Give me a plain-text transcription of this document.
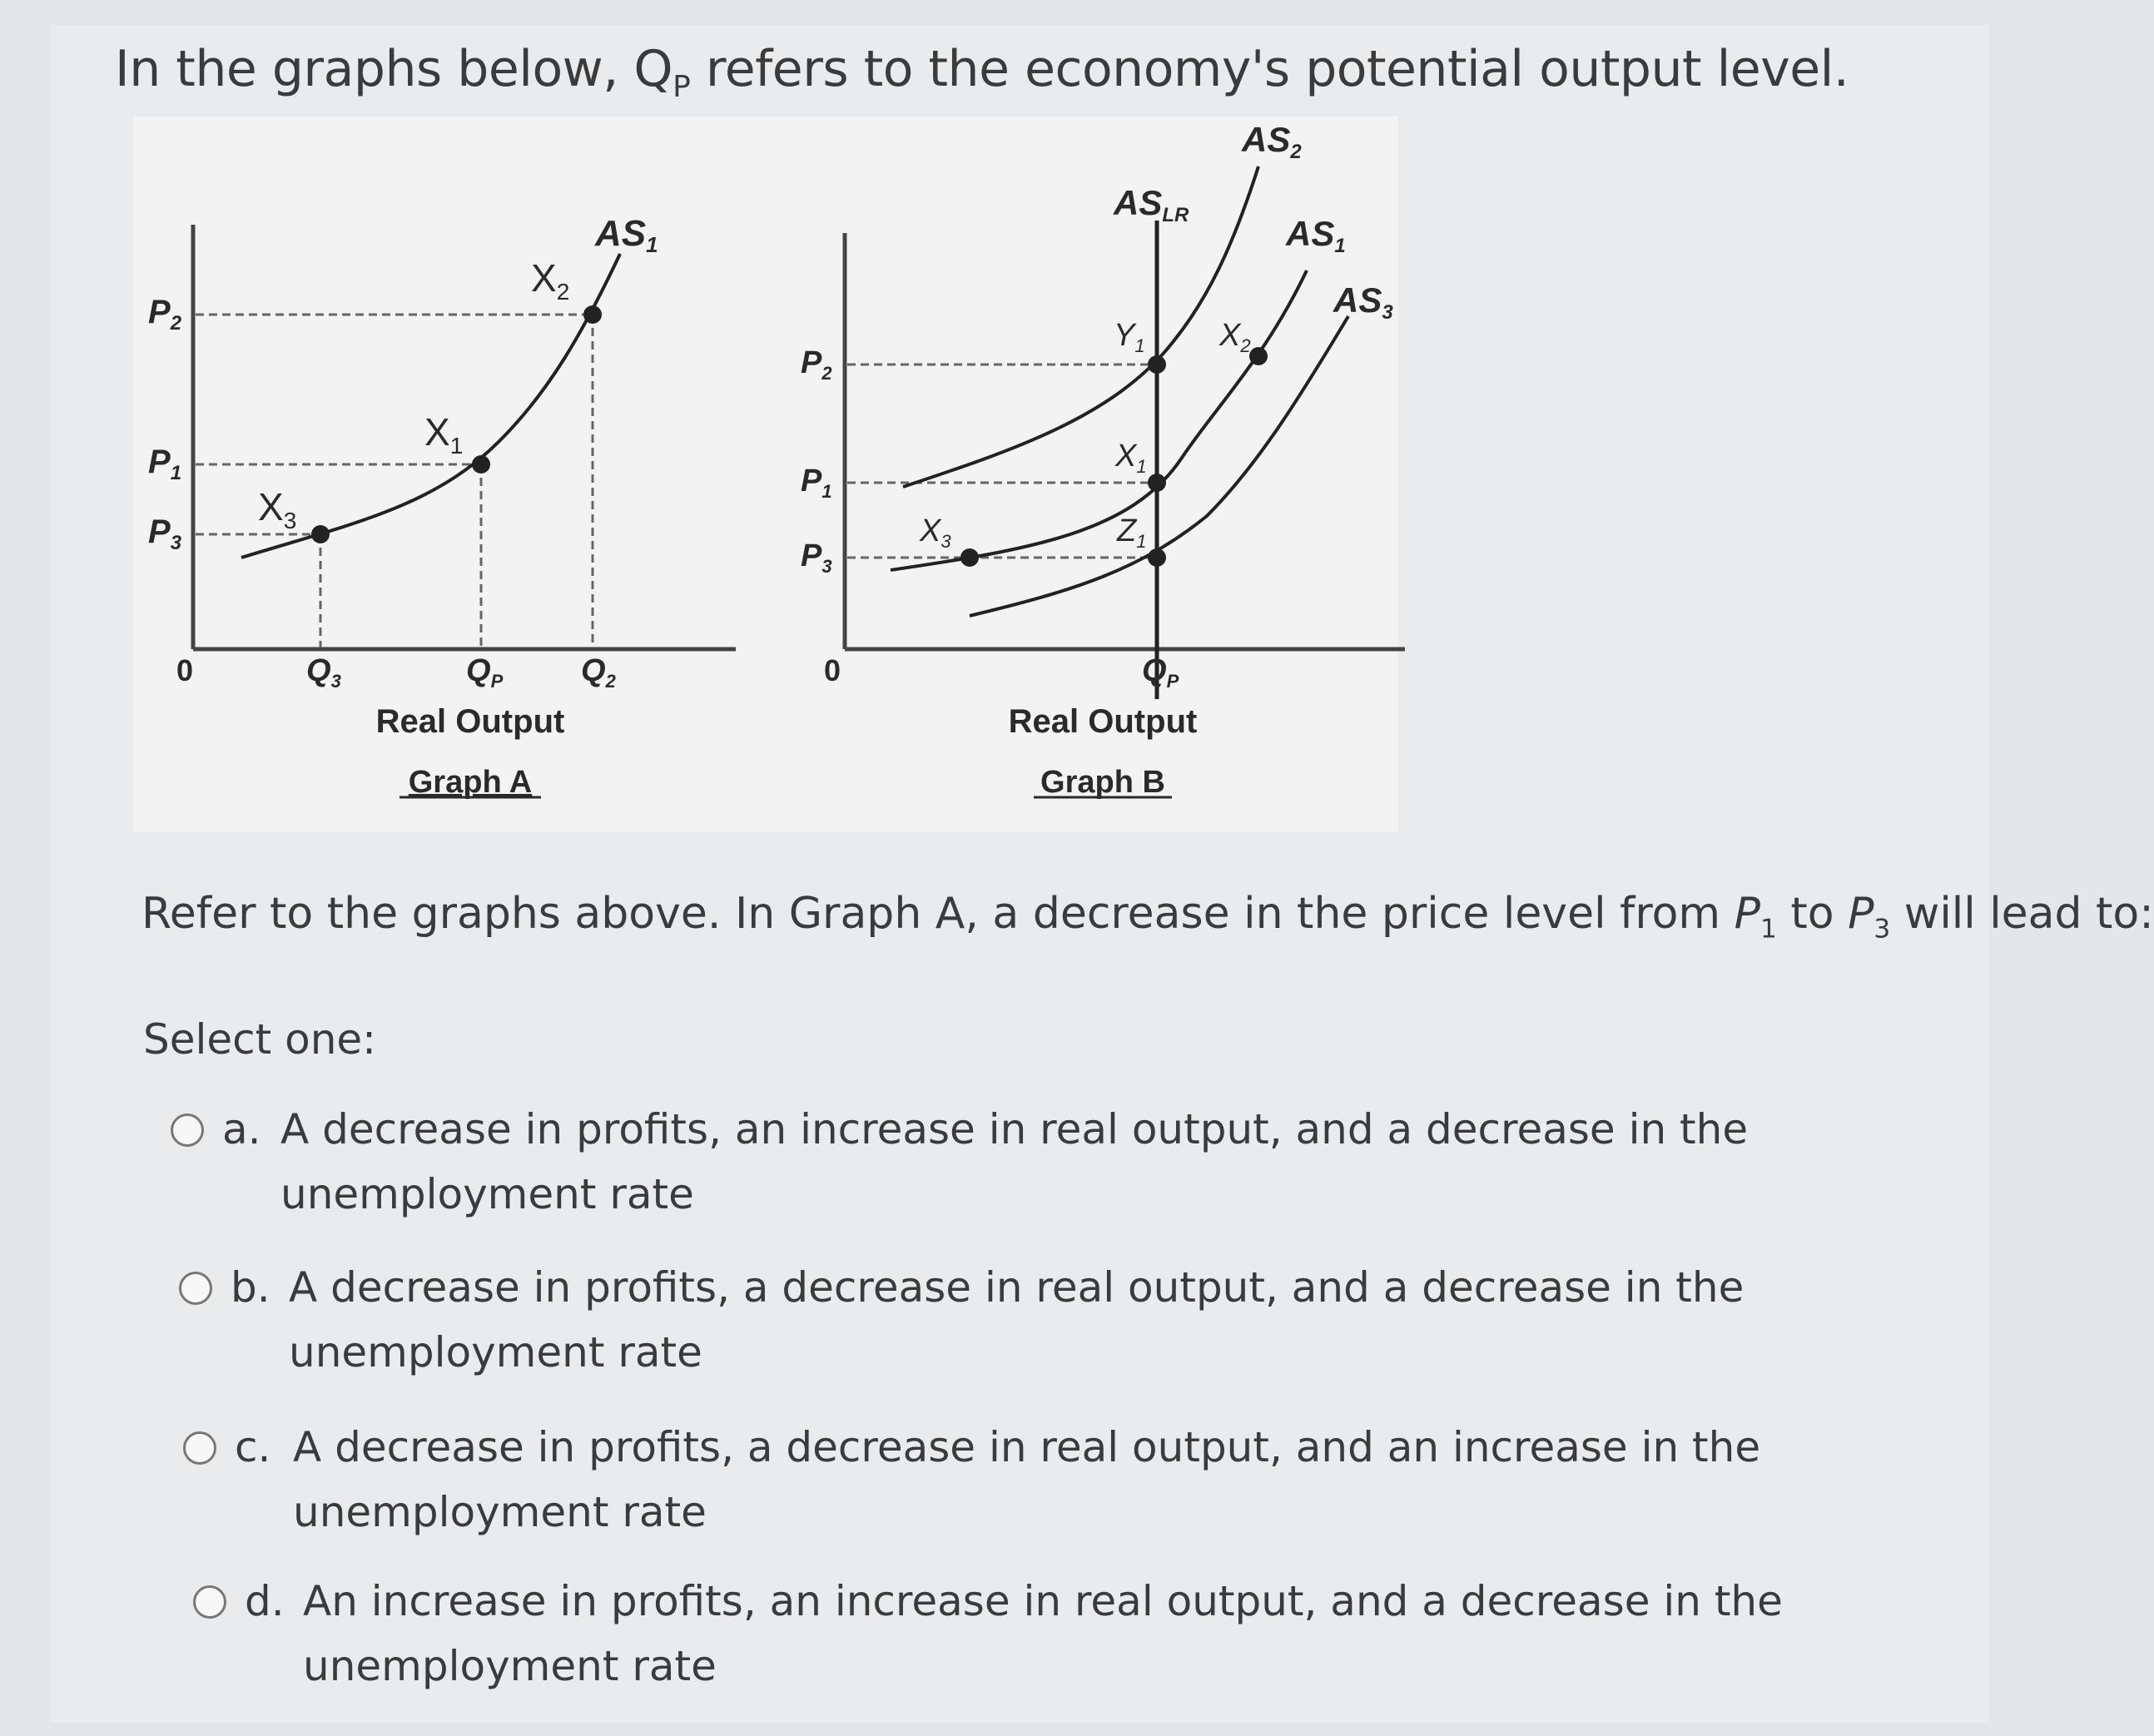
In the graphs below, $Q_P$ refers to the economy's potential output level.
AS1
$X_3$
$X_1$
$X_2$
$P_2$
$P_1$
$P_3$
0	$Q_3$	$Q_P$ $Q_2$
Real Output
Graph A
ASLR
AS2
AS1
AS3
$Y_1$ $X_2$
$X_1$
$Z_1$
$X_3$
$P_2$
$P_1$
$P_3$
0	$Q_P$
Real Output
Graph B
Refer to the graphs above. In Graph A, a decrease in the price level from $P_1$ to $P_3$ will lead to:
Select one:
a. A decrease in profits, an increase in real output, and a decrease in the unemployment rate
b. A decrease in profits, a decrease in real output, and a decrease in the unemployment rate
c. A decrease in profits, a decrease in real output, and an increase in the unemployment rate
d. An increase in profits, an increase in real output, and a decrease in the unemployment rate
